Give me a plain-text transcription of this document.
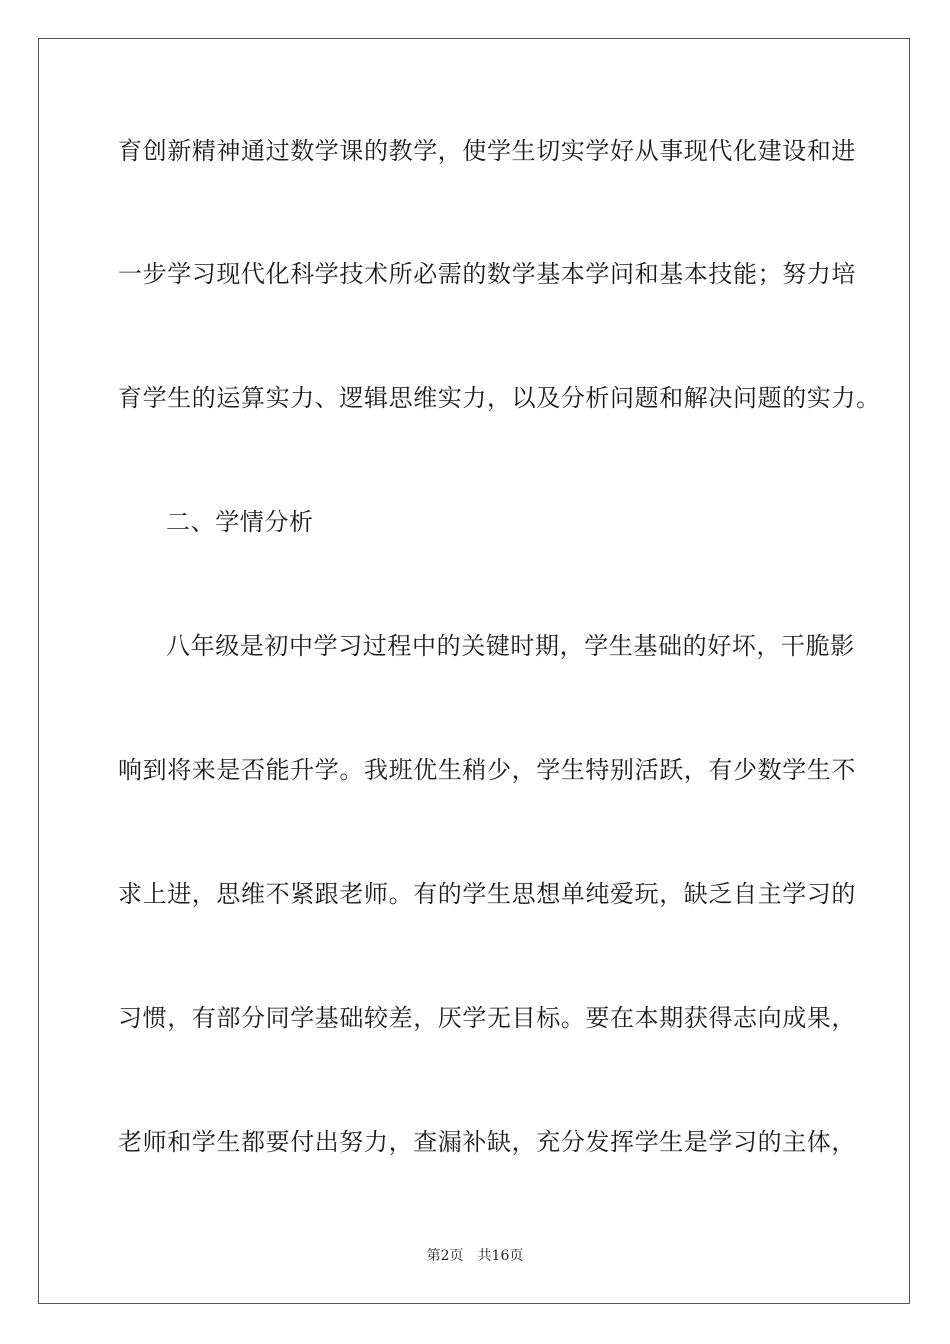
育创新精神通过数学课的教学，使学生切实学好从事现代化建设和进
一步学习现代化科学技术所必需的数学基本学问和基本技能；努力培
育学生的运算实力、逻辑思维实力，以及分析问题和解决问题的实力。
二、学情分析
八年级是初中学习过程中的关键时期，学生基础的好坏，干脆影
响到将来是否能升学。我班优生稍少，学生特别活跃，有少数学生不
求上进，思维不紧跟老师。有的学生思想单纯爱玩，缺乏自主学习的
习惯，有部分同学基础较差，厌学无目标。要在本期获得志向成果，
老师和学生都要付出努力，查漏补缺，充分发挥学生是学习的主体，
第2页 共16页
